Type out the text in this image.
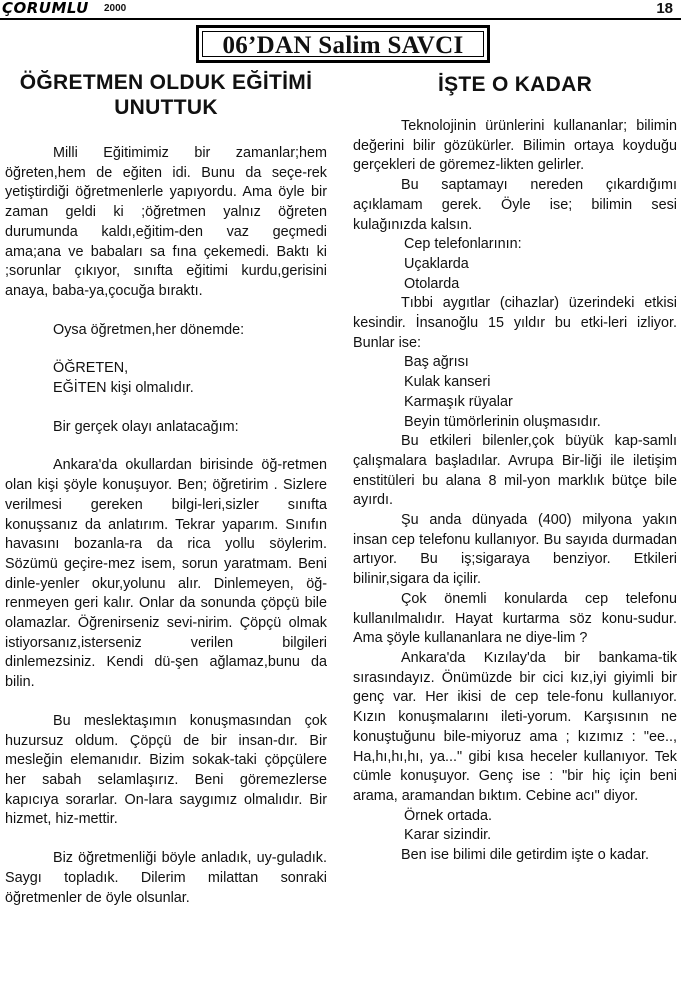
ÇORUMLU 2000	18
06’DAN Salim SAVCI
ÖĞRETMEN OLDUK EĞİTİMİ UNUTTUK

Milli Eğitimimiz bir zamanlar;hem öğreten,hem de eğiten idi. Bunu da seçe-rek yetiştirdiği öğretmenlerle yapıyordu. Ama öyle bir zaman geldi ki ;öğretmen yalnız öğreten durumunda kaldı,eğitim-den vaz geçmedi ama;ana ve babaları sa fına çekemedi. Baktı ki ;sorunlar çıkıyor, sınıfta eğitimi kurdu,gerisini anaya, baba-ya,çocuğa bıraktı.

Oysa öğretmen,her dönemde:

ÖĞRETEN,

EĞİTEN kişi olmalıdır.

Bir gerçek olayı anlatacağım:

Ankara'da okullardan birisinde öğ-retmen olan kişi şöyle konuşuyor. Ben; öğretirim . Sizlere verilmesi gereken bilgi-leri,sizler sınıfta konuşsanız da anlatırım. Tekrar yaparım. Sınıfın havasını bozanla-ra da rica yollu söylerim. Sözümü geçire-mez isem, sorun yaratmam. Beni dinle-yenler okur,yolunu alır. Dinlemeyen, öğ-renmeyen geri kalır. Onlar da sonunda çöpçü bile olamazlar. Öğrenirseniz sevi-nirim. Çöpçü olmak istiyorsanız,isterseniz verilen bilgileri dinlemezsiniz. Kendi dü-şen ağlamaz,bunu da bilin.

Bu meslektaşımın konuşmasından çok huzursuz oldum. Çöpçü de bir insan-dır. Bir mesleğin elemanıdır. Bizim sokak-taki çöpçülere her sabah selamlaşırız. Beni göremezlerse kapıcıya sorarlar. On-lara saygımız olmalıdır. Bir hizmet, hiz-mettir.

Biz öğretmenliği böyle anladık, uy-guladık. Saygı topladık. Dilerim milattan sonraki öğretmenler de öyle olsunlar.

İŞTE O KADAR

Teknolojinin ürünlerini kullananlar; bilimin değerini bilir gözükürler. Bilimin ortaya koyduğu gerçekleri de göremez-likten gelirler.

Bu saptamayı nereden çıkardığımı açıklamam gerek. Öyle ise; bilimin sesi kulağınızda kalsın.

Cep telefonlarının:

Uçaklarda

Otolarda

Tıbbi aygıtlar (cihazlar) üzerindeki etkisi kesindir. İnsanoğlu 15 yıldır bu etki-leri izliyor. Bunlar ise:

Baş ağrısı

Kulak kanseri

Karmaşık rüyalar

Beyin tümörlerinin oluşmasıdır.

Bu etkileri bilenler,çok büyük kap-samlı çalışmalara başladılar. Avrupa Bir-liği ile iletişim enstitüleri bu alana 8 mil-yon marklık bütçe bile ayırdı.

Şu anda dünyada (400) milyona yakın insan cep telefonu kullanıyor. Bu sayıda durmadan artıyor. Bu iş;sigaraya benziyor. Etkileri bilinir,sigara da içilir.

Çok önemli konularda cep telefonu kullanılmalıdır. Hayat kurtarma söz konu-sudur. Ama şöyle kullananlara ne diye-lim ?

Ankara'da Kızılay'da bir bankama-tik sırasındayız. Önümüzde bir cici kız,iyi giyimli bir genç var. Her ikisi de cep tele-fonu kullanıyor. Kızın konuşmalarını ileti-yorum. Karşısının ne konuştuğunu bile-miyoruz ama ; kızımız : "ee.., Ha,hı,hı,hı, ya..." gibi kısa heceler kullanıyor. Tek cümle konuşuyor. Genç ise : "bir hiç için beni arama, aramandan bıktım. Cebine acı" diyor.

Örnek ortada.

Karar sizindir.

Ben ise bilimi dile getirdim işte o kadar.
